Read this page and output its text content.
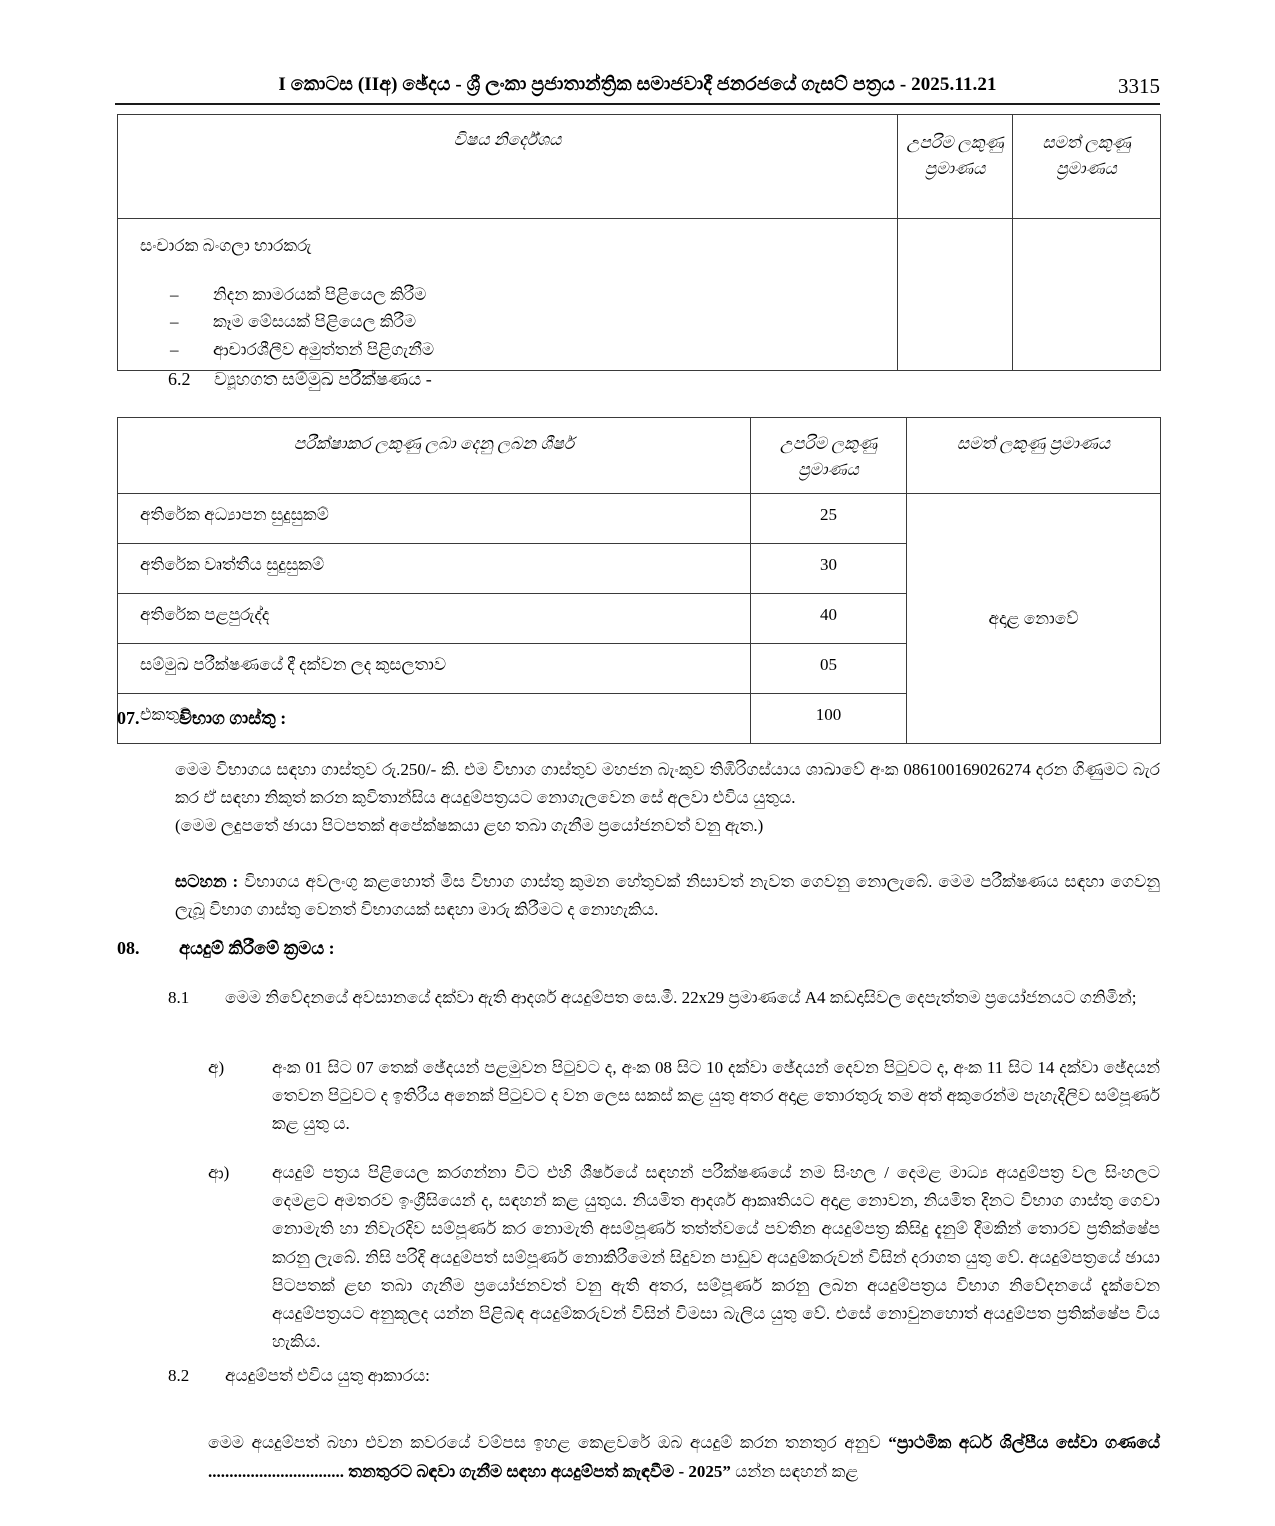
I කොටස (IIඅ) ඡේදය - ශ්‍රී ලංකා ප්‍රජාතාන්ත්‍රික සමාජවාදී ජනරජයේ ගැසට් පත්‍රය - 2025.11.21	3315
විෂය නිර්දේශය	උපරිම ලකුණු ප්‍රමාණය	සමත් ලකුණු ප්‍රමාණය

සංචාරක බංගලා භාරකරු
– නිදන කාමරයක් පිළියෙල කිරීම
– කෑම මේසයක් පිළියෙල කිරීම
– ආචාරශීලීව අමුත්තන් පිළිගැනීම

6.2 ව්‍යූහගත සම්මුඛ පරීක්ෂණය -
පරීක්ෂාකර ලකුණු ලබා දෙනු ලබන ශීර්ෂ	උපරිම ලකුණු ප්‍රමාණය	සමත් ලකුණු ප්‍රමාණය
අතිරේක අධ්‍යාපන සුදුසුකම්	25	අදාළ නොවේ
අතිරේක වෘත්තීය සුදුසුකම්	30	
අතිරේක පළපුරුද්ද	40	
සම්මුඛ පරීක්ෂණයේ දී දක්වන ලද කුසලතාව	05	
එකතුව	100	
07. විභාග ගාස්තු :

මෙම විභාගය සඳහා ගාස්තුව රු.250/- කි. එම විභාග ගාස්තුව මහජන බැංකුව තිඹිරිගස්යාය ශාඛාවේ අංක 086100169026274 දරන ගිණුමට බැර කර ඒ සඳහා නිකුත් කරන කුවිතාන්සිය අයදුම්පත්‍රයට නොගැලවෙන සේ අලවා එවිය යුතුය.

(මෙම ලදුපතේ ඡායා පිටපතක් අපේක්ෂකයා ළඟ තබා ගැනීම ප්‍රයෝජනවත් වනු ඇත.)

සටහන : විභාගය අවලංගු කළහොත් මිස විභාග ගාස්තු කුමන හේතුවක් නිසාවත් නැවත ගෙවනු නොලැබේ. මෙම පරීක්ෂණය සඳහා ගෙවනු ලැබූ විභාග ගාස්තු වෙනත් විභාගයක් සඳහා මාරු කිරීමට ද නොහැකිය.

08. අයදුම් කිරීමේ ක්‍රමය :
8.1 මෙම නිවේදනයේ අවසානයේ දක්වා ඇති ආදර්ශ අයදුම්පත සෙ.මී. 22x29 ප්‍රමාණයේ A4 කඩදාසිවල දෙපැත්තම ප්‍රයෝජනයට ගනිමින්;
අ)	අංක 01 සිට 07 තෙක් ඡේදයන් පළමුවන පිටුවට ද, අංක 08 සිට 10 දක්වා ඡේදයන් දෙවන පිටුවට ද, අංක 11 සිට 14 දක්වා ඡේදයන් තෙවන පිටුවට ද ඉතිරීය අනෙක් පිටුවට ද වන ලෙස සකස් කළ යුතු අතර අදාළ තොරතුරු තම අත් අකුරෙන්ම පැහැදිලිව සම්පූර්ණ කළ යුතු ය.
ආ)	අයදුම් පත්‍රය පිළියෙල කරගන්නා විට එහි ශීර්ෂයේ සඳහන් පරීක්ෂණයේ නම සිංහල / දෙමළ මාධ්‍ය අයදුම්පත්‍ර වල සිංහලට දෙමළට අමතරව ඉංග්‍රීසියෙන් ද, සඳහන් කළ යුතුය. නියමිත ආදර්ශ ආකෘතියට අදාළ නොවන, නියමිත දිනට විභාග ගාස්තු ගෙවා නොමැති හා නිවැරදිව සම්පූර්ණ කර නොමැති අසම්පූර්ණ තත්ත්වයේ පවතින අයදුම්පත්‍ර කිසිදු දැනුම් දීමකින් තොරව ප්‍රතික්ෂේප කරනු ලැබේ. නිසි පරිදි අයදුම්පත් සම්පූර්ණ නොකිරීමෙන් සිදුවන පාඩුව අයදුම්කරුවන් විසින් දරාගත යුතු වේ. අයදුම්පත්‍රයේ ඡායා පිටපතක් ළඟ තබා ගැනීම ප්‍රයෝජනවත් වනු ඇති අතර, සම්පූර්ණ කරනු ලබන අයදුම්පත්‍රය විභාග නිවේදනයේ දැක්වෙන අයදුම්පත්‍රයට අනුකූලද යන්න පිළිබඳ අයදුම්කරුවන් විසින් විමසා බැලිය යුතු වේ. එසේ නොවුනහොත් අයදුම්පත ප්‍රතික්ෂේප විය හැකිය.
8.2 අයදුම්පත් එවිය යුතු ආකාරය:
මෙම අයදුම්පත් බහා එවන කවරයේ වම්පස ඉහළ කෙළවරේ ඔබ අයදුම් කරන තනතුර අනුව “ප්‍රාථමික අර්ධ ශිල්පීය සේවා ගණයේ ................................ තනතුරට බඳවා ගැනීම සඳහා අයදුම්පත් කැඳවීම - 2025” යන්න සඳහන් කළ
